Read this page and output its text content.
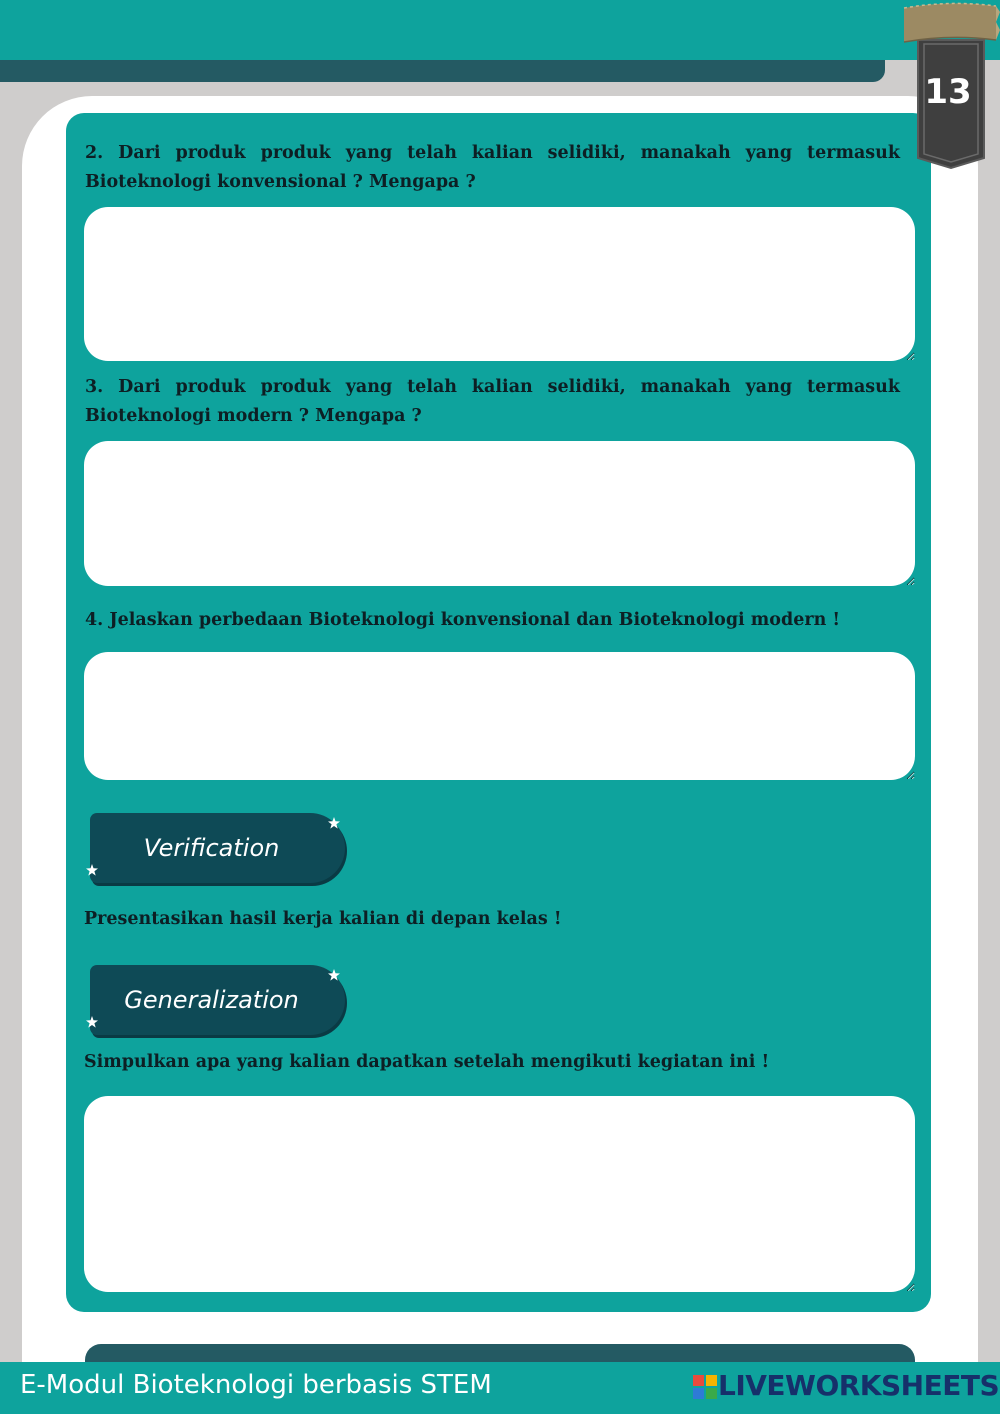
13

2. Dari produk produk yang telah kalian selidiki, manakah yang termasuk Bioteknologi konvensional ? Mengapa ?

3. Dari produk produk yang telah kalian selidiki, manakah yang termasuk Bioteknologi modern ? Mengapa ?

4. Jelaskan perbedaan Bioteknologi konvensional dan Bioteknologi modern !

Verification

Presentasikan hasil kerja kalian di depan kelas !

Generalization

Simpulkan apa yang kalian dapatkan setelah mengikuti kegiatan ini !

E-Modul Bioteknologi berbasis STEM	LIVEWORKSHEETS
